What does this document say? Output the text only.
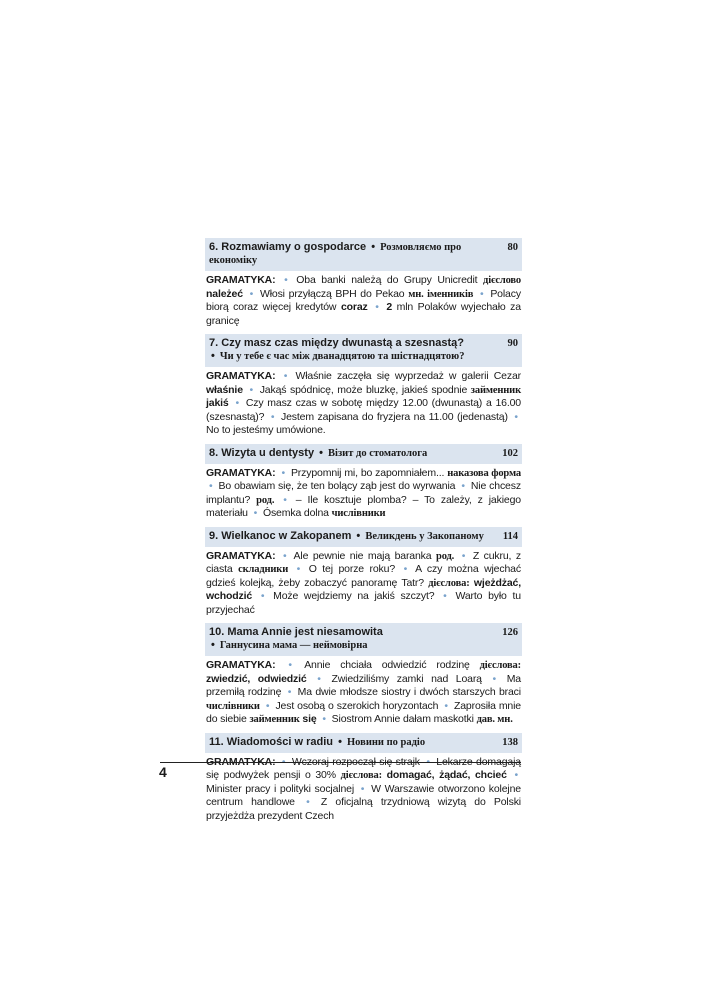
6. Rozmawiamy o gospodarce • Розмовляємо про економіку
80
GRAMATYKA: • Oba banki należą do Grupy Unicredit дієслово należeć • Włosi przyłączą BPH do Pekao мн. іменників • Polacy biorą coraz więcej kredytów coraz • 2 mln Polaków wyjechało za granicę
7. Czy masz czas między dwunastą a szesnastą?
• Чи у тебе є час між дванадцятою та шістнадцятою?
90
GRAMATYKA: • Właśnie zaczęła się wyprzedaż w galerii Cezar właśnie • Jakąś spódnicę, może bluzkę, jakieś spodnie займенник jakiś • Czy masz czas w sobotę między 12.00 (dwunastą) a 16.00 (szesnastą)? • Jestem zapisana do fryzjera na 11.00 (jedenastą) • No to jesteśmy umówione.
8. Wizyta u dentysty • Візит до стоматолога	102
GRAMATYKA: • Przypomnij mi, bo zapomniałem... наказова форма • Bo obawiam się, że ten bolący ząb jest do wyrwania • Nie chcesz implantu? род. • – Ile kosztuje plomba? – To zależy, z jakiego materiału • Ósemka dolna числівники
9. Wielkanoc w Zakopanem • Великдень у Закопаному	114
GRAMATYKA: • Ale pewnie nie mają baranka род. • Z cukru, z ciasta складники • O tej porze roku? • A czy można wjechać gdzieś kolejką, żeby zobaczyć panoramę Tatr? дієслова: wjeżdżać, wchodzić • Może wejdziemy na jakiś szczyt? • Warto było tu przyjechać
10. Mama Annie jest niesamowita
• Ганнусина мама — неймовірна
126
GRAMATYKA: • Annie chciała odwiedzić rodzinę дієслова: zwiedzić, odwiedzić • Zwiedziliśmy zamki nad Loarą • Ma przemiłą rodzinę • Ma dwie młodsze siostry i dwóch starszych braci числівники • Jest osobą o szerokich horyzontach • Zaprosiła mnie do siebie займенник się • Siostrom Annie dałam maskotki дав. мн.
11. Wiadomości w radiu • Новини по радіо	138
GRAMATYKA: • Wczoraj rozpoczął się strajk • Lekarze domagają się podwyżek pensji o 30% дієслова: domagać, żądać, chcieć • Minister pracy i polityki socjalnej • W Warszawie otworzono kolejne centrum handlowe • Z oficjalną trzydniową wizytą do Polski przyjeżdża prezydent Czech
4
